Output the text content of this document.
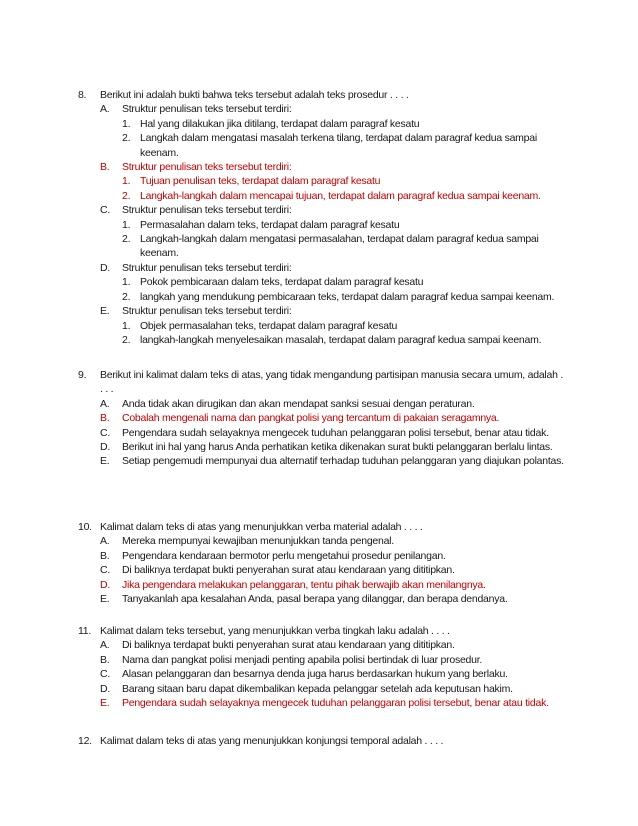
8. Berikut ini adalah bukti bahwa teks tersebut adalah teks prosedur . . . .
A. Struktur penulisan teks tersebut terdiri:
1. Hal yang dilakukan jika ditilang, terdapat dalam paragraf kesatu
2. Langkah dalam mengatasi masalah terkena tilang, terdapat dalam paragraf kedua sampai keenam.
B. Struktur penulisan teks tersebut terdiri:
1. Tujuan penulisan teks, terdapat dalam paragraf kesatu
2. Langkah-langkah dalam mencapai tujuan, terdapat dalam paragraf kedua sampai keenam.
C. Struktur penulisan teks tersebut terdiri:
1. Permasalahan dalam teks, terdapat dalam paragraf kesatu
2. Langkah-langkah dalam mengatasi permasalahan, terdapat dalam paragraf kedua sampai keenam.
D. Struktur penulisan teks tersebut terdiri:
1. Pokok pembicaraan dalam teks, terdapat dalam paragraf kesatu
2. langkah yang mendukung pembicaraan teks, terdapat dalam paragraf kedua sampai keenam.
E. Struktur penulisan teks tersebut terdiri:
1. Objek permasalahan teks, terdapat dalam paragraf kesatu
2. langkah-langkah menyelesaikan masalah, terdapat dalam paragraf kedua sampai keenam.
9. Berikut ini kalimat dalam teks di atas, yang tidak mengandung partisipan manusia secara umum, adalah . . . .
A. Anda tidak akan dirugikan dan akan mendapat sanksi sesuai dengan peraturan.
B. Cobalah mengenali nama dan pangkat polisi yang tercantum di pakaian seragamnya.
C. Pengendara sudah selayaknya mengecek tuduhan pelanggaran polisi tersebut, benar atau tidak.
D. Berikut ini hal yang harus Anda perhatikan ketika dikenakan surat bukti pelanggaran berlalu lintas.
E. Setiap pengemudi mempunyai dua alternatif terhadap tuduhan pelanggaran yang diajukan polantas.
10. Kalimat dalam teks di atas yang menunjukkan verba material adalah . . . .
A. Mereka mempunyai kewajiban menunjukkan tanda pengenal.
B. Pengendara kendaraan bermotor perlu mengetahui prosedur penilangan.
C. Di baliknya terdapat bukti penyerahan surat atau kendaraan yang dititipkan.
D. Jika pengendara melakukan pelanggaran, tentu pihak berwajib akan menilangnya.
E. Tanyakanlah apa kesalahan Anda, pasal berapa yang dilanggar, dan berapa dendanya.
11. Kalimat dalam teks tersebut, yang menunjukkan verba tingkah laku adalah . . . .
A. Di baliknya terdapat bukti penyerahan surat atau kendaraan yang dititipkan.
B. Nama dan pangkat polisi menjadi penting apabila polisi bertindak di luar prosedur.
C. Alasan pelanggaran dan besarnya denda juga harus berdasarkan hukum yang berlaku.
D. Barang sitaan baru dapat dikembalikan kepada pelanggar setelah ada keputusan hakim.
E. Pengendara sudah selayaknya mengecek tuduhan pelanggaran polisi tersebut, benar atau tidak.
12. Kalimat dalam teks di atas yang menunjukkan konjungsi temporal adalah . . . .
